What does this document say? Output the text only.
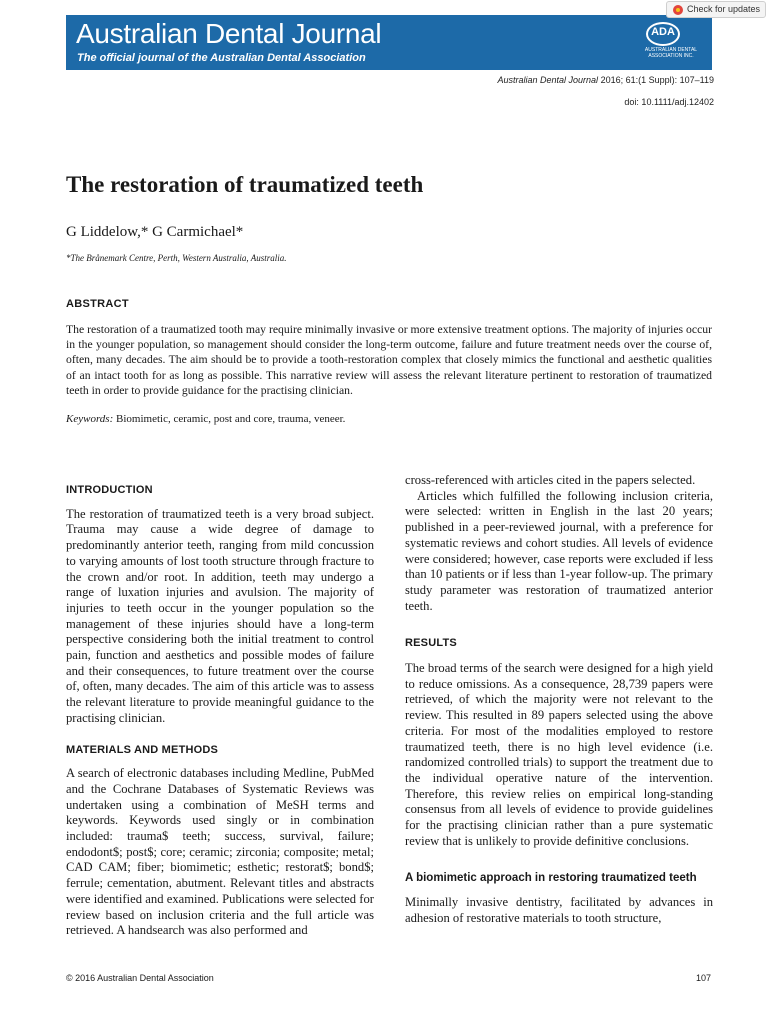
Australian Dental Journal
The official journal of the Australian Dental Association
ADA
AUSTRALIAN DENTAL
ASSOCIATION INC.
Check for updates
Australian Dental Journal 2016; 61:(1 Suppl): 107–119
doi: 10.1111/adj.12402
The restoration of traumatized teeth
G Liddelow,* G Carmichael*
*The Brånemark Centre, Perth, Western Australia, Australia.
ABSTRACT
The restoration of a traumatized tooth may require minimally invasive or more extensive treatment options. The majority of injuries occur in the younger population, so management should consider the long-term outcome, failure and future treatment needs over the course of, often, many decades. The aim should be to provide a tooth-restoration complex that closely mimics the functional and aesthetic qualities of an intact tooth for as long as possible. This narrative review will assess the relevant literature pertinent to restoration of traumatized teeth in order to provide guidance for the practising clinician.
Keywords: Biomimetic, ceramic, post and core, trauma, veneer.

INTRODUCTION

The restoration of traumatized teeth is a very broad subject. Trauma may cause a wide degree of damage to predominantly anterior teeth, ranging from mild concussion to varying amounts of lost tooth structure through fracture to the crown and/or root. In addition, teeth may undergo a range of luxation injuries and avulsion. The majority of injuries to teeth occur in the younger population so the management of these injuries should have a long-term perspective considering both the initial treatment to control pain, function and aesthetics and possible modes of failure and their consequences, to future treatment over the course of, often, many decades. The aim of this article was to assess the relevant literature to provide meaningful guidance to the practising clinician.

MATERIALS AND METHODS

A search of electronic databases including Medline, PubMed and the Cochrane Databases of Systematic Reviews was undertaken using a combination of MeSH terms and keywords. Keywords used singly or in combination included: trauma$ teeth; success, survival, failure; endodont$; post$; core; ceramic; zirconia; composite; metal; CAD CAM; fiber; biomimetic; esthetic; restorat$; bond$; ferrule; cementation, abutment. Relevant titles and abstracts were identified and examined. Publications were selected for review based on inclusion criteria and the full article was retrieved. A handsearch was also performed and

cross-referenced with articles cited in the papers selected.

Articles which fulfilled the following inclusion criteria, were selected: written in English in the last 20 years; published in a peer-reviewed journal, with a preference for systematic reviews and cohort studies. All levels of evidence were considered; however, case reports were excluded if less than 10 patients or if less than 1-year follow-up. The primary study parameter was restoration of traumatized anterior teeth.

RESULTS

The broad terms of the search were designed for a high yield to reduce omissions. As a consequence, 28,739 papers were retrieved, of which the majority were not relevant to the review. This resulted in 89 papers selected using the above criteria. For most of the modalities employed to restore traumatized teeth, there is no high level evidence (i.e. randomized controlled trials) to support the treatment due to the individual operative nature of the intervention. Therefore, this review relies on empirical long-standing consensus from all levels of evidence to provide guidelines for the practising clinician rather than a pure systematic review that is unlikely to provide definitive conclusions.

A biomimetic approach in restoring traumatized teeth

Minimally invasive dentistry, facilitated by advances in adhesion of restorative materials to tooth structure,

© 2016 Australian Dental Association	107
